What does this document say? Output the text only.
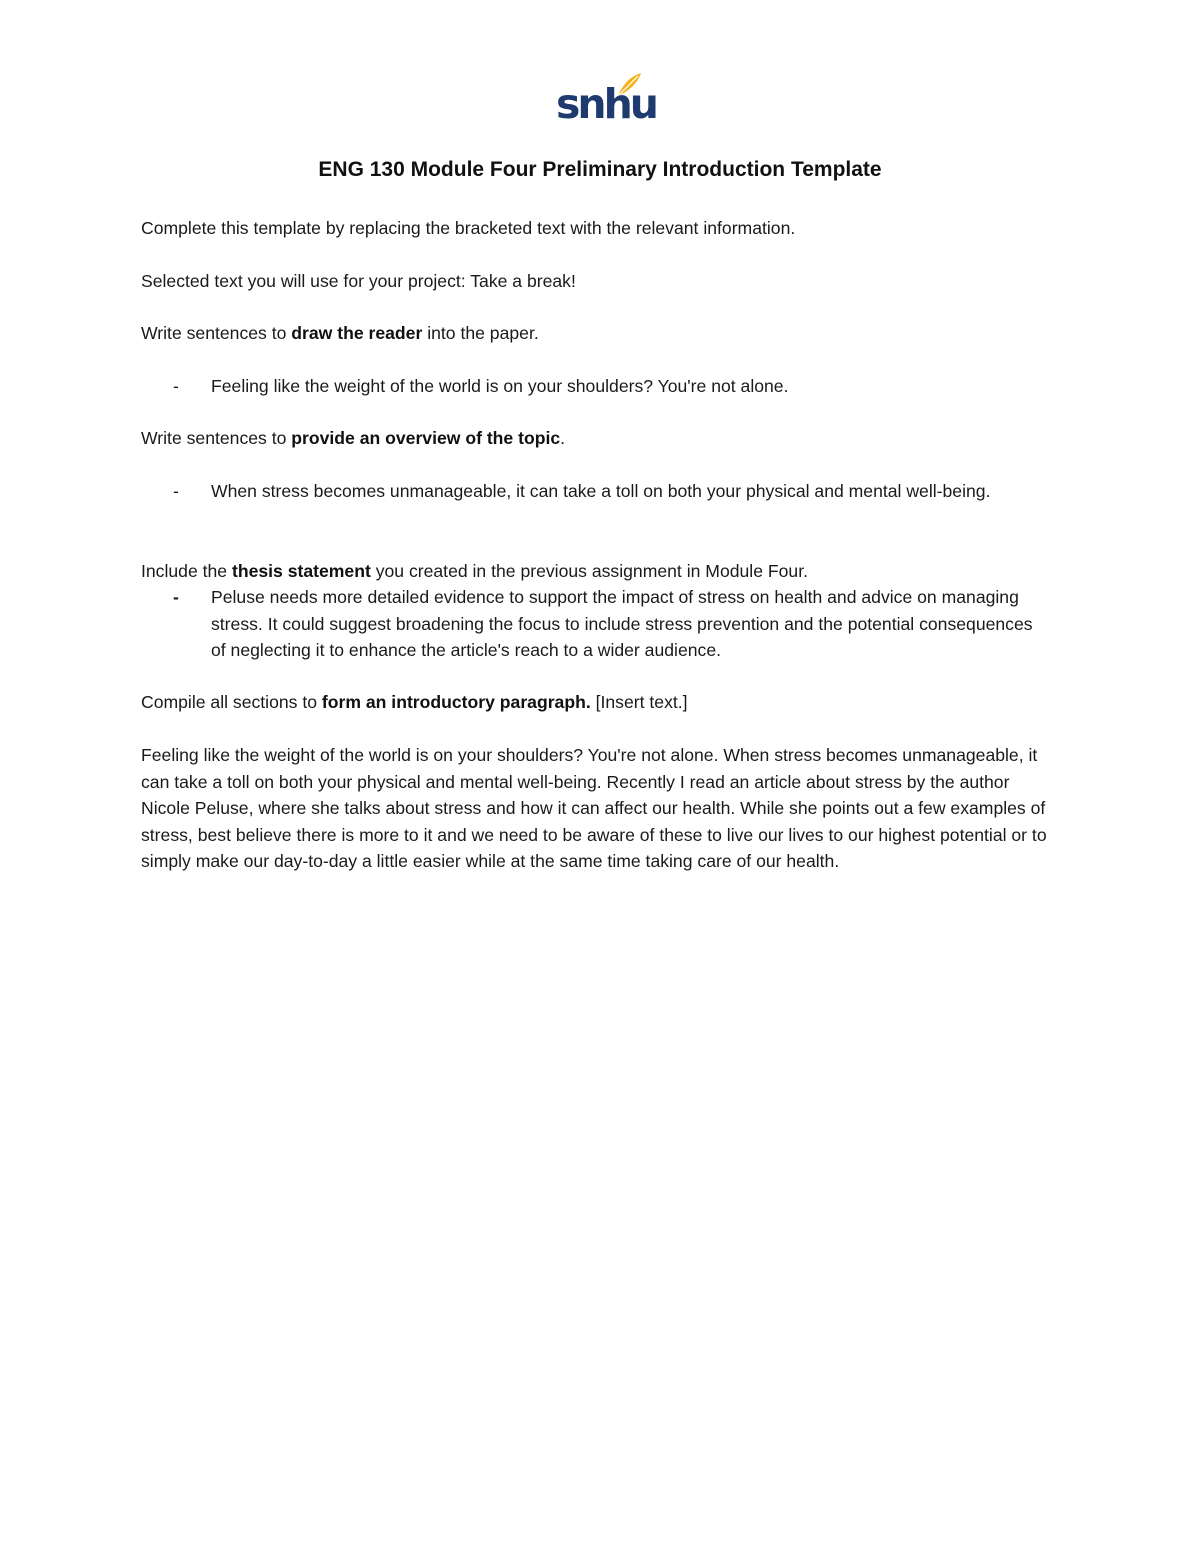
snhu
ENG 130 Module Four Preliminary Introduction Template

Complete this template by replacing the bracketed text with the relevant information.

Selected text you will use for your project: Take a break!

Write sentences to draw the reader into the paper.

- Feeling like the weight of the world is on your shoulders? You're not alone.

Write sentences to provide an overview of the topic.

- When stress becomes unmanageable, it can take a toll on both your physical and mental well-being.

Include the thesis statement you created in the previous assignment in Module Four.

- Peluse needs more detailed evidence to support the impact of stress on health and advice on managing stress. It could suggest broadening the focus to include stress prevention and the potential consequences of neglecting it to enhance the article's reach to a wider audience.

Compile all sections to form an introductory paragraph. [Insert text.]

Feeling like the weight of the world is on your shoulders? You're not alone. When stress becomes unmanageable, it can take a toll on both your physical and mental well-being. Recently I read an article about stress by the author Nicole Peluse, where she talks about stress and how it can affect our health. While she points out a few examples of stress, best believe there is more to it and we need to be aware of these to live our lives to our highest potential or to simply make our day-to-day a little easier while at the same time taking care of our health.
